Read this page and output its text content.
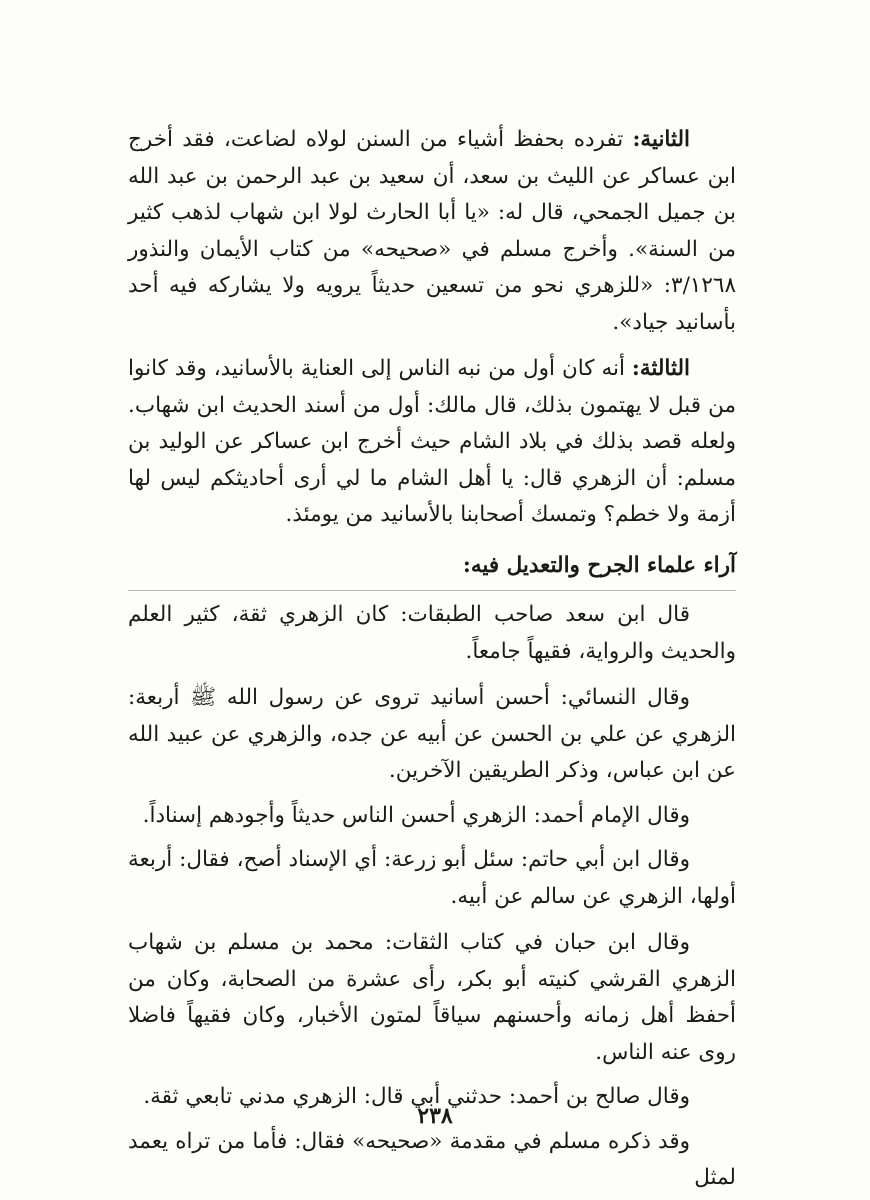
الثانية: تفرده بحفظ أشياء من السنن لولاه لضاعت، فقد أخرج ابن عساكر عن الليث بن سعد، أن سعيد بن عبد الرحمن بن عبد الله بن جميل الجمحي، قال له: «يا أبا الحارث لولا ابن شهاب لذهب كثير من السنة». وأخرج مسلم في «صحيحه» من كتاب الأيمان والنذور ٣/١٢٦٨: «للزهري نحو من تسعين حديثاً يرويه ولا يشاركه فيه أحد بأسانيد جياد».

الثالثة: أنه كان أول من نبه الناس إلى العناية بالأسانيد، وقد كانوا من قبل لا يهتمون بذلك، قال مالك: أول من أسند الحديث ابن شهاب. ولعله قصد بذلك في بلاد الشام حيث أخرج ابن عساكر عن الوليد بن مسلم: أن الزهري قال: يا أهل الشام ما لي أرى أحاديثكم ليس لها أزمة ولا خطم؟ وتمسك أصحابنا بالأسانيد من يومئذ.

آراء علماء الجرح والتعديل فيه:

قال ابن سعد صاحب الطبقات: كان الزهري ثقة، كثير العلم والحديث والرواية، فقيهاً جامعاً.

وقال النسائي: أحسن أسانيد تروى عن رسول الله ﷺ أربعة: الزهري عن علي بن الحسن عن أبيه عن جده، والزهري عن عبيد الله عن ابن عباس، وذكر الطريقين الآخرين.

وقال الإمام أحمد: الزهري أحسن الناس حديثاً وأجودهم إسناداً.

وقال ابن أبي حاتم: سئل أبو زرعة: أي الإسناد أصح، فقال: أربعة أولها، الزهري عن سالم عن أبيه.

وقال ابن حبان في كتاب الثقات: محمد بن مسلم بن شهاب الزهري القرشي كنيته أبو بكر، رأى عشرة من الصحابة، وكان من أحفظ أهل زمانه وأحسنهم سياقاً لمتون الأخبار، وكان فقيهاً فاضلا روى عنه الناس.

وقال صالح بن أحمد: حدثني أبي قال: الزهري مدني تابعي ثقة.

وقد ذكره مسلم في مقدمة «صحيحه» فقال: فأما من تراه يعمد لمثل

٢٣٨
